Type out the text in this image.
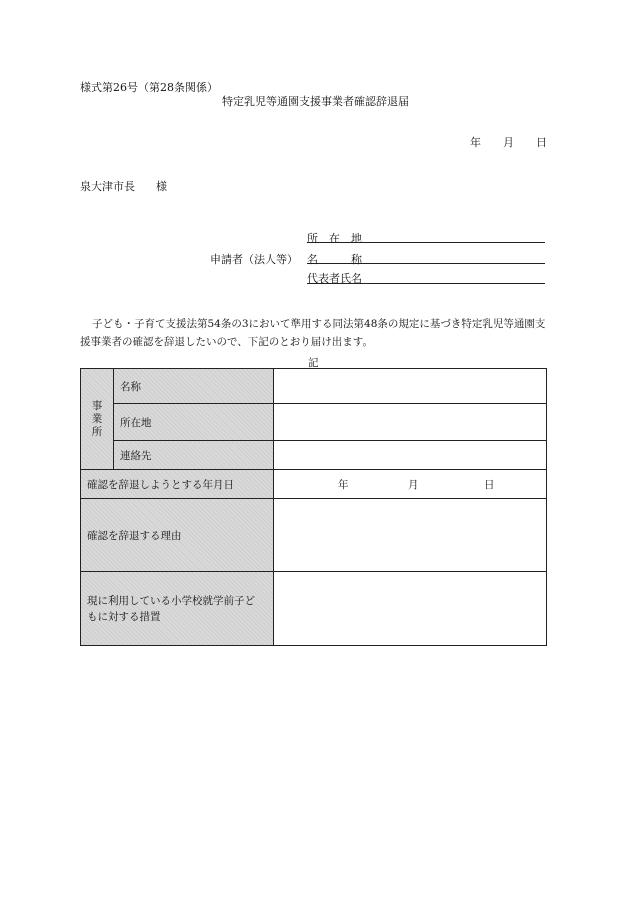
様式第26号（第28条関係）
特定乳児等通園支援事業者確認辞退届
年 月 日
泉大津市長 様
申請者（法人等）
所　在　地
名　　　称
代表者氏名
子ども・子育て支援法第54条の3において準用する同法第48条の規定に基づき特定乳児等通園支
援事業者の確認を辞退したいので、下記のとおり届け出ます。
記
事
業
所	名称	
	所在地	
	連絡先	
確認を辞退しようとする年月日		年 月 日

確認を辞退する理由		
現に利用している小学校就学前子ど
もに対する措置		
